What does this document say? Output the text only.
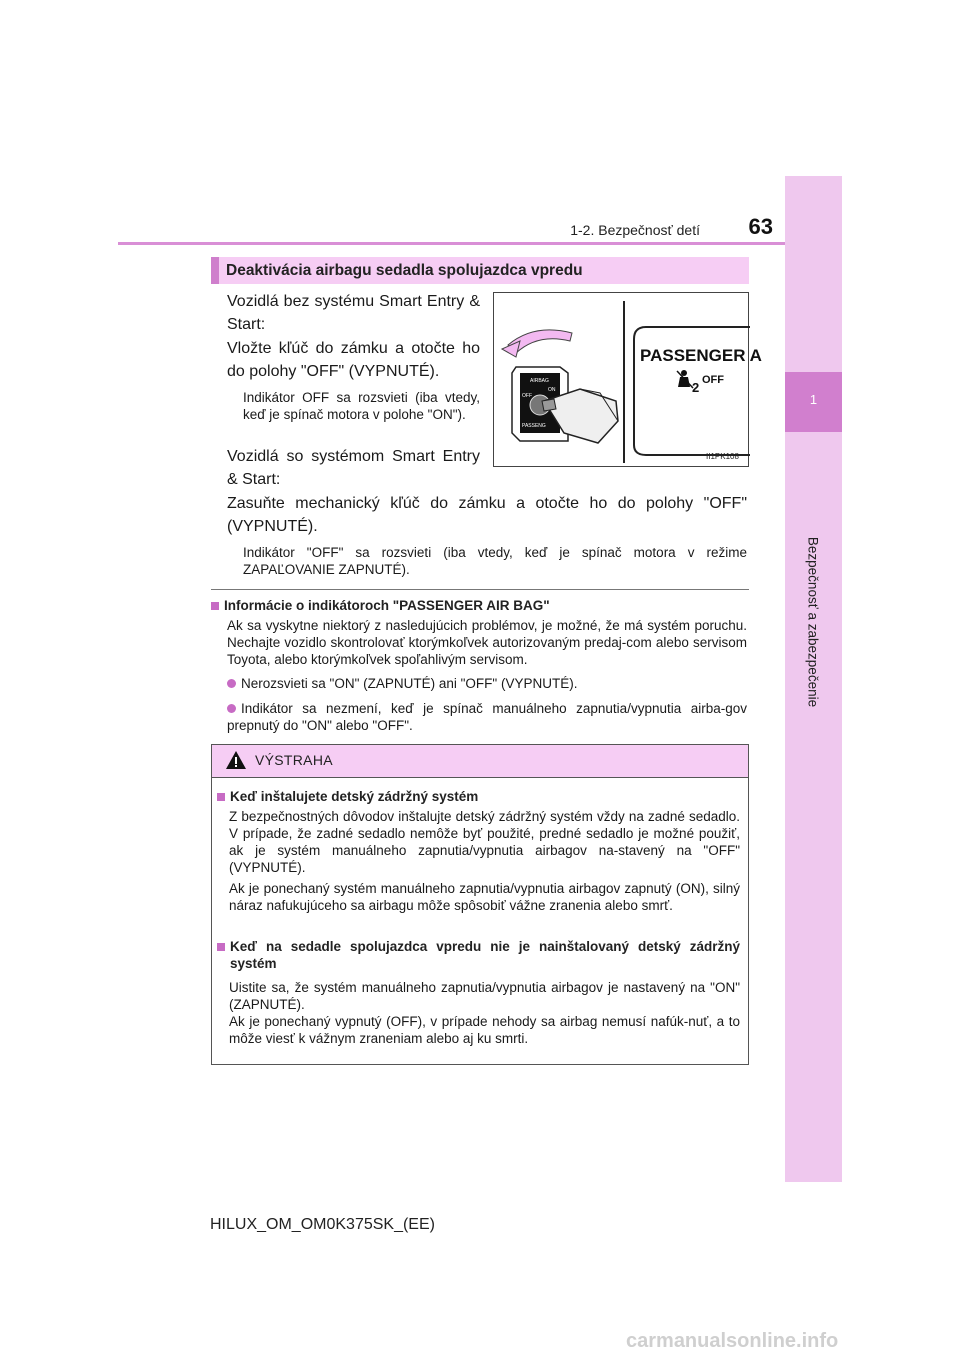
1
Bezpečnosť a zabezpečenie
1-2. Bezpečnosť detí	63
Deaktivácia airbagu sedadla spolujazdca vpredu
Vozidlá bez systému Smart Entry & Start:
Vložte kľúč do zámku a otočte ho do polohy "OFF" (VYPNUTÉ).
Indikátor OFF sa rozsvieti (iba vtedy, keď je spínač motora v polohe "ON").
Vozidlá so systémom Smart Entry & Start:
Zasuňte mechanický kľúč do zámku a otočte ho do polohy "OFF" (VYPNUTÉ).
Indikátor "OFF" sa rozsvieti (iba vtedy, keď je spínač motora v režime ZAPAĽOVANIE ZAPNUTÉ).
PASSENGER A
2 OFF
AIRBAG
OFF
ON
PASSENG
II1PK108
Informácie o indikátoroch "PASSENGER AIR BAG"
Ak sa vyskytne niektorý z nasledujúcich problémov, je možné, že má systém poruchu. Nechajte vozidlo skontrolovať ktorýmkoľvek autorizovaným predaj-com alebo servisom Toyota, alebo ktorýmkoľvek spoľahlivým servisom.
Nerozsvieti sa "ON" (ZAPNUTÉ) ani "OFF" (VYPNUTÉ).
Indikátor sa nezmení, keď je spínač manuálneho zapnutia/vypnutia airba-gov prepnutý do "ON" alebo "OFF".
VÝSTRAHA
Keď inštalujete detský zádržný systém
Z bezpečnostných dôvodov inštalujte detský zádržný systém vždy na zadné sedadlo. V prípade, že zadné sedadlo nemôže byť použité, predné sedadlo je možné použiť, ak je systém manuálneho zapnutia/vypnutia airbagov na-stavený na "OFF" (VYPNUTÉ).
Ak je ponechaný systém manuálneho zapnutia/vypnutia airbagov zapnutý (ON), silný náraz nafukujúceho sa airbagu môže spôsobiť vážne zranenia alebo smrť.
Keď na sedadle spolujazdca vpredu nie je nainštalovaný detský zádržný systém
Uistite sa, že systém manuálneho zapnutia/vypnutia airbagov je nastavený na "ON" (ZAPNUTÉ).
Ak je ponechaný vypnutý (OFF), v prípade nehody sa airbag nemusí nafúk-nuť, a to môže viesť k vážnym zraneniam alebo aj ku smrti.
HILUX_OM_OM0K375SK_(EE)
carmanualsonline.info
